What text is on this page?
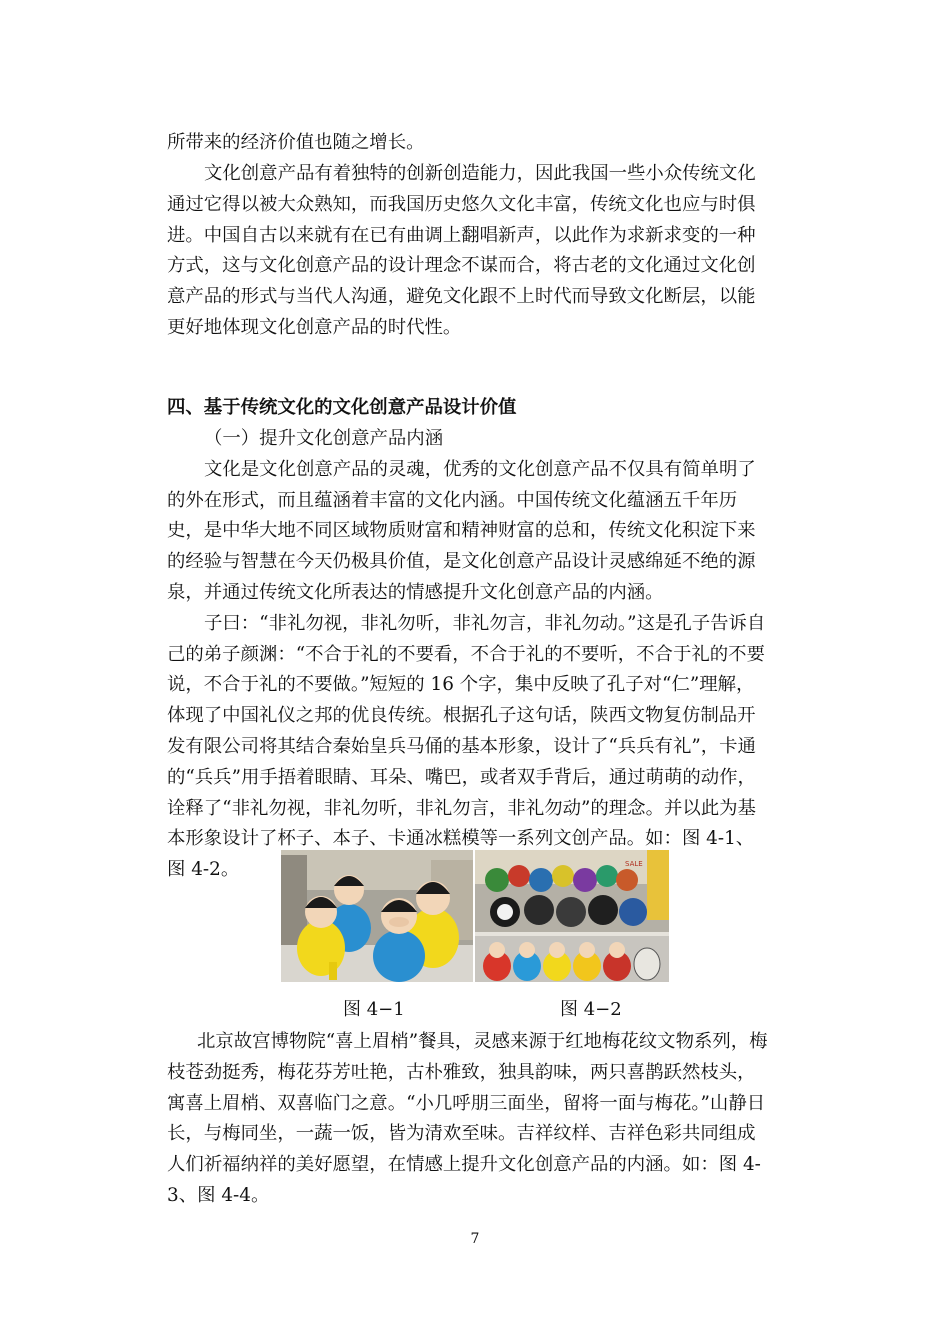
所带来的经济价值也随之增长。

文化创意产品有着独特的创新创造能力，因此我国一些小众传统文化通过它得以被大众熟知，而我国历史悠久文化丰富，传统文化也应与时俱进。中国自古以来就有在已有曲调上翻唱新声，以此作为求新求变的一种方式，这与文化创意产品的设计理念不谋而合，将古老的文化通过文化创意产品的形式与当代人沟通，避免文化跟不上时代而导致文化断层，以能更好地体现文化创意产品的时代性。

四、基于传统文化的文化创意产品设计价值

（一）提升文化创意产品内涵

文化是文化创意产品的灵魂，优秀的文化创意产品不仅具有简单明了的外在形式，而且蕴涵着丰富的文化内涵。中国传统文化蕴涵五千年历史，是中华大地不同区域物质财富和精神财富的总和，传统文化积淀下来的经验与智慧在今天仍极具价值，是文化创意产品设计灵感绵延不绝的源泉，并通过传统文化所表达的情感提升文化创意产品的内涵。

子曰：“非礼勿视，非礼勿听，非礼勿言，非礼勿动。”这是孔子告诉自己的弟子颜渊：“不合于礼的不要看，不合于礼的不要听，不合于礼的不要说，不合于礼的不要做。”短短的 16 个字，集中反映了孔子对“仁”理解，体现了中国礼仪之邦的优良传统。根据孔子这句话，陕西文物复仿制品开发有限公司将其结合秦始皇兵马俑的基本形象，设计了“兵兵有礼”，卡通的“兵兵”用手捂着眼睛、耳朵、嘴巴，或者双手背后，通过萌萌的动作，诠释了“非礼勿视，非礼勿听，非礼勿言，非礼勿动”的理念。并以此为基本形象设计了杯子、本子、卡通冰糕模等一系列文创产品。如：图 4-1、图 4-2。	SALE
图 4−1	图 4−2

北京故宫博物院“喜上眉梢”餐具，灵感来源于红地梅花纹文物系列，梅枝苍劲挺秀，梅花芬芳吐艳，古朴雅致，独具韵味，两只喜鹊跃然枝头，寓喜上眉梢、双喜临门之意。“小几呼朋三面坐，留将一面与梅花。”山静日长，与梅同坐，一蔬一饭，皆为清欢至味。吉祥纹样、吉祥色彩共同组成人们祈福纳祥的美好愿望，在情感上提升文化创意产品的内涵。如：图 4-3、图 4-4。

7
